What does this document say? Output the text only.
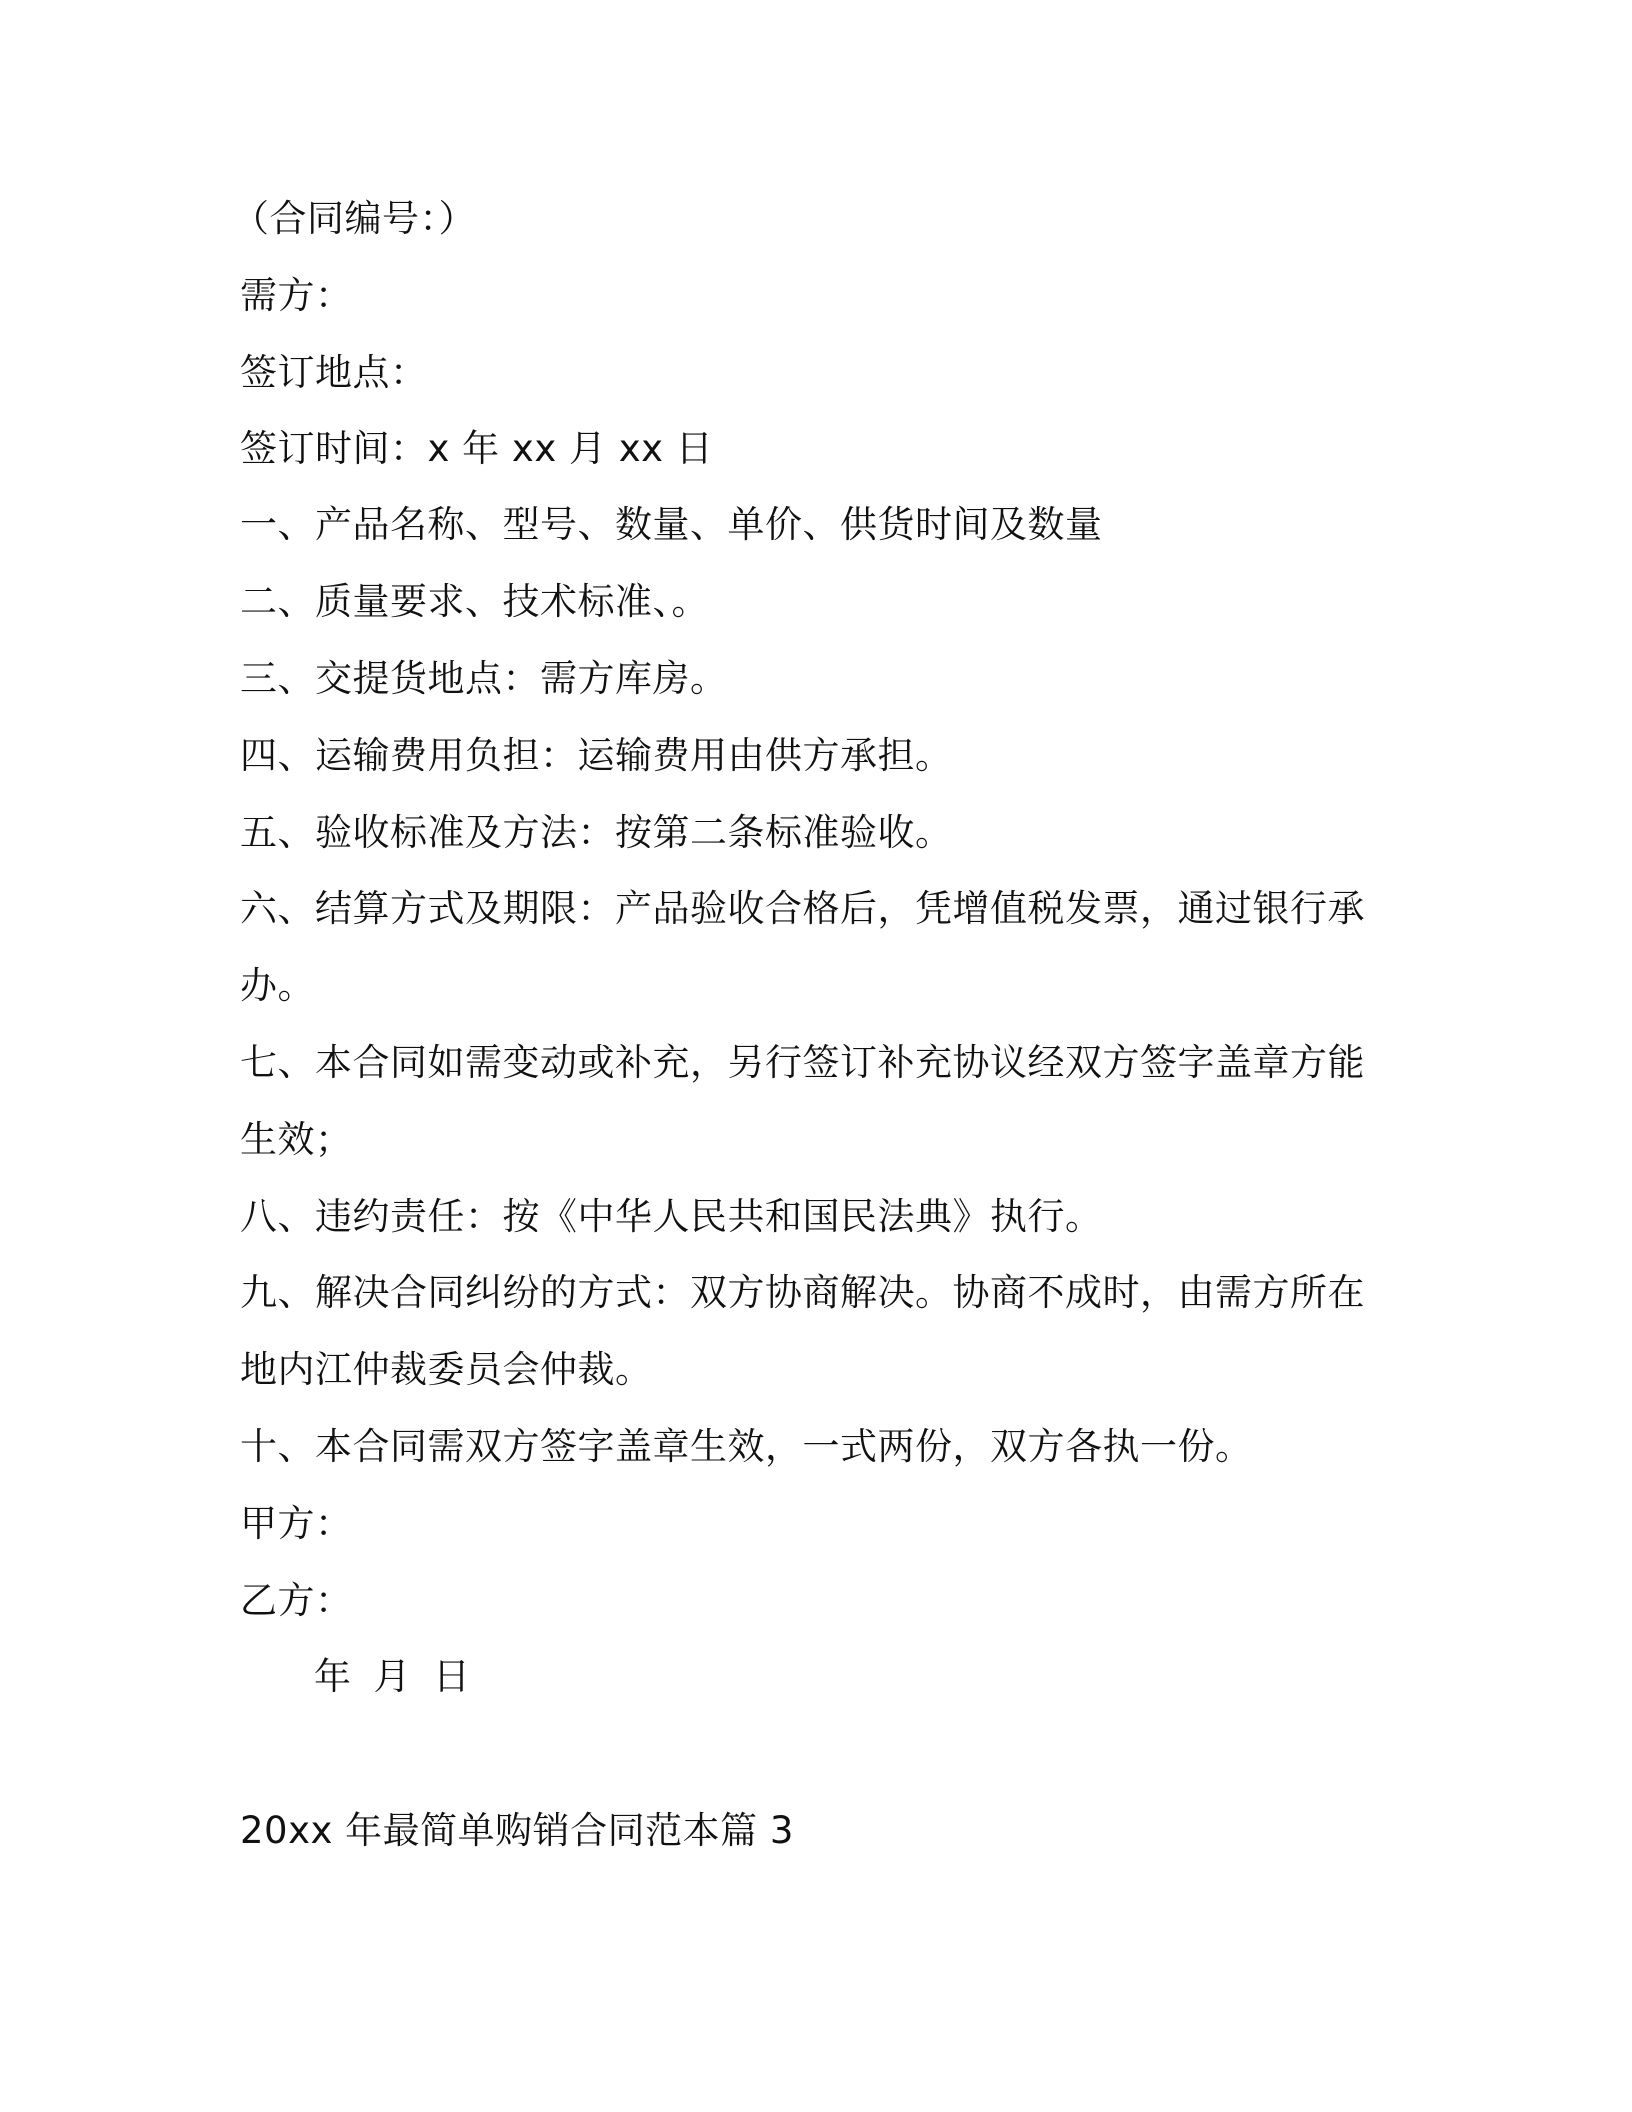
（合同编号：）
需方：
签订地点：
签订时间：x 年 xx 月 xx 日
一、产品名称、型号、数量、单价、供货时间及数量
二、质量要求、技术标准、。
三、交提货地点：需方库房。
四、运输费用负担：运输费用由供方承担。
五、验收标准及方法：按第二条标准验收。
六、结算方式及期限：产品验收合格后，凭增值税发票，通过银行承
办。
七、本合同如需变动或补充，另行签订补充协议经双方签字盖章方能
生效；
八、违约责任：按《中华人民共和国民法典》执行。
九、解决合同纠纷的方式：双方协商解决。协商不成时，由需方所在
地内江仲裁委员会仲裁。
十、本合同需双方签字盖章生效，一式两份，双方各执一份。
甲方：
乙方：
年 月 日
20xx 年最简单购销合同范本篇 3
